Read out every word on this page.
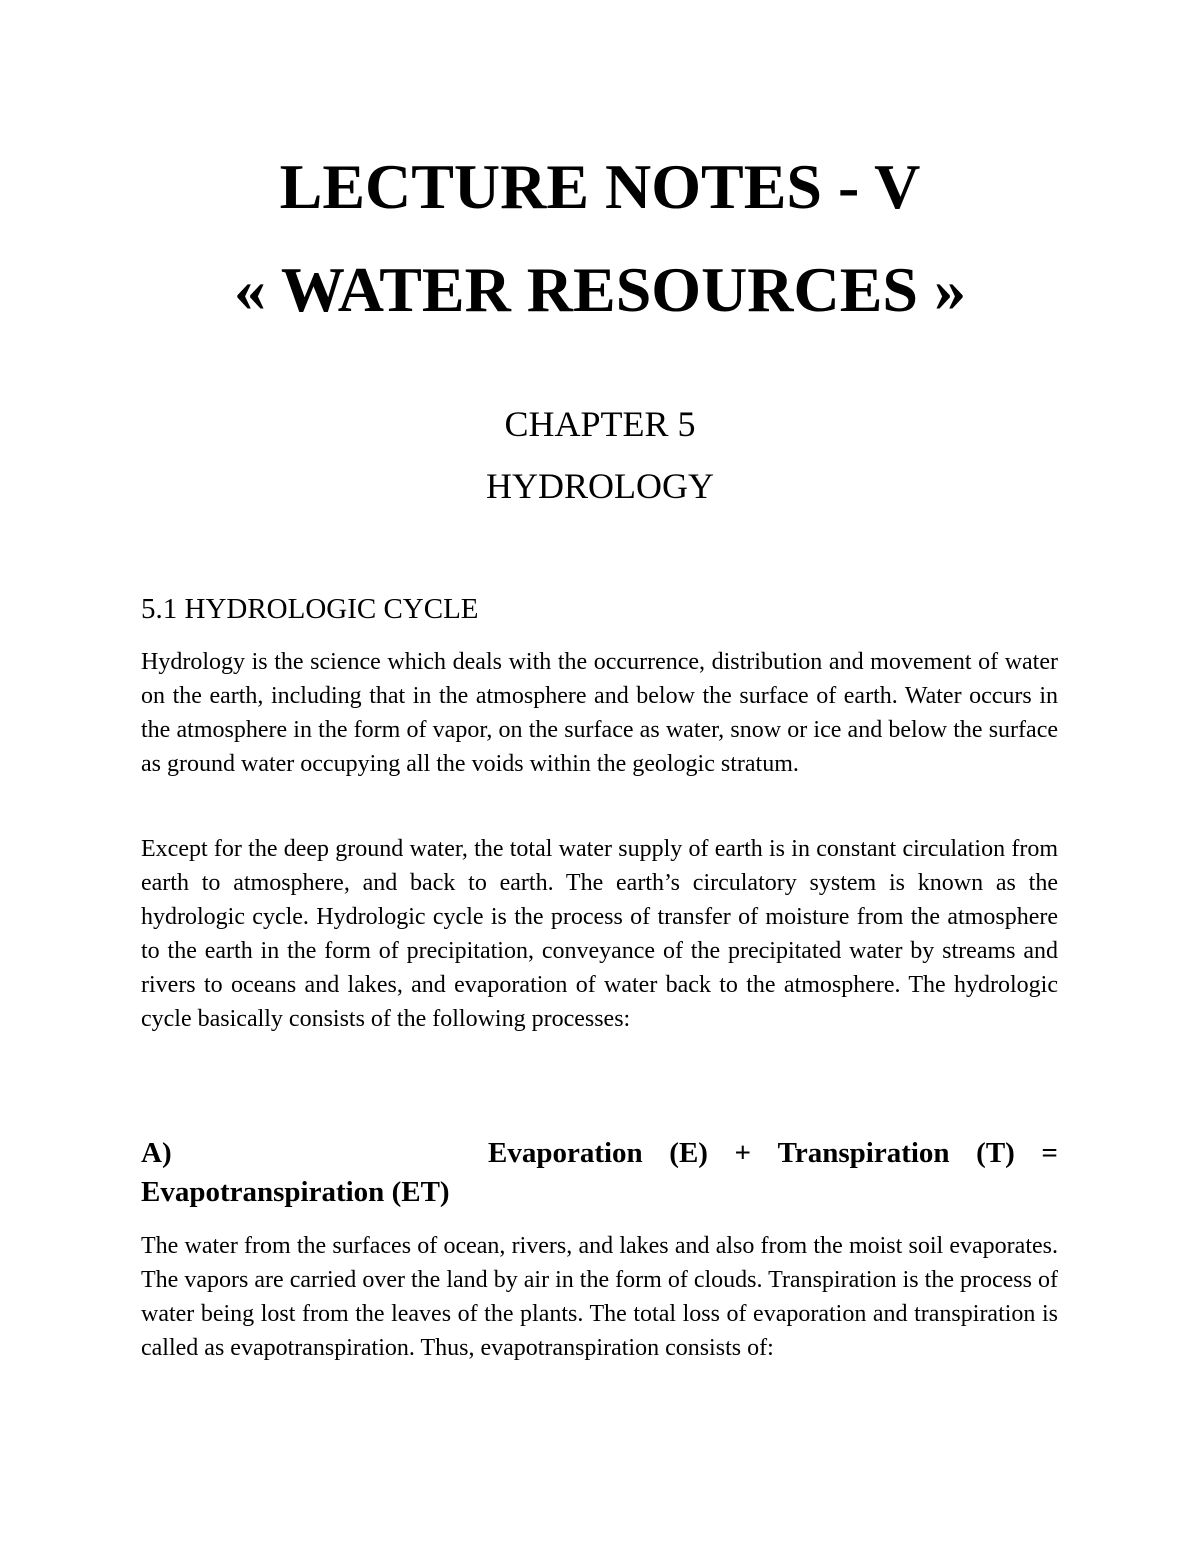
LECTURE NOTES - V
« WATER RESOURCES »
CHAPTER 5
HYDROLOGY
5.1 HYDROLOGIC CYCLE

Hydrology is the science which deals with the occurrence, distribution and movement of water on the earth, including that in the atmosphere and below the surface of earth. Water occurs in the atmosphere in the form of vapor, on the surface as water, snow or ice and below the surface as ground water occupying all the voids within the geologic stratum.

Except for the deep ground water, the total water supply of earth is in constant circulation from earth to atmosphere, and back to earth. The earth’s circulatory system is known as the hydrologic cycle. Hydrologic cycle is the process of transfer of moisture from the atmosphere to the earth in the form of precipitation, conveyance of the precipitated water by streams and rivers to oceans and lakes, and evaporation of water back to the atmosphere. The hydrologic cycle basically consists of the following processes:

A)	Evaporation (E) + Transpiration (T) =
Evapotranspiration (ET)

The water from the surfaces of ocean, rivers, and lakes and also from the moist soil evaporates. The vapors are carried over the land by air in the form of clouds. Transpiration is the process of water being lost from the leaves of the plants. The total loss of evaporation and transpiration is called as evapotranspiration. Thus, evapotranspiration consists of:
